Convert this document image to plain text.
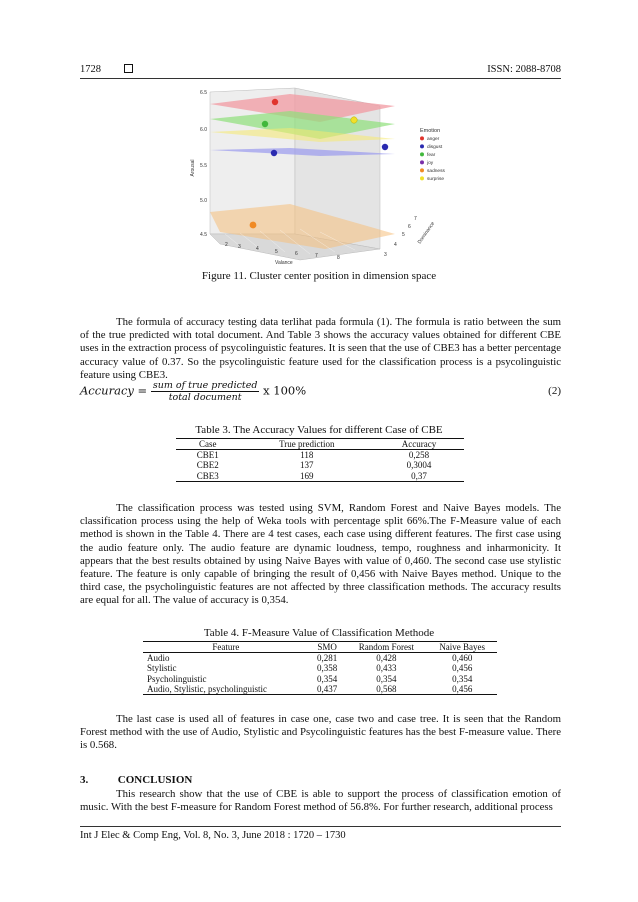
1728	ISSN: 2088-8708
6.5
6.0
5.5
5.0
4.5
Arousal
2 3	4	5	6	7	8
Valance
3
4
5
6
7
Dominance
Emotion
anger
disgust
fear
joy
sadness
surprise
Figure 11. Cluster center position in dimension space

The formula of accuracy testing data terlihat pada formula (1). The formula is ratio between the sum of the true predicted with total document. And Table 3 shows the accuracy values obtained for different CBE uses in the extraction process of psycolinguistic features. It is seen that the use of CBE3 has a better percentage accuracy value of 0.37. So the psycolinguistic feature used for the classification process is a psycolinguistic feature using CBE3.

Accuracy = $\frac{\text{sum of true predicted}}{\text{total document}}$ x 100%	(2)
Table 3. The Accuracy Values for different Case of CBE
Case	True prediction	Accuracy
CBE1	118	0,258
CBE2	137	0,3004
CBE3	169	0,37

The classification process was tested using SVM, Random Forest and Naive Bayes models. The classification process using the help of Weka tools with percentage split 66%.The F-Measure value of each method is shown in the Table 4. There are 4 test cases, each case using different features. The first case using the audio feature only. The audio feature are dynamic loudness, tempo, roughness and inharmonicity. It appears that the best results obtained by using Naive Bayes with value of 0,460. The second case use stylistic feature. The feature is only capable of bringing the result of 0,456 with Naive Bayes method. Unique to the third case, the psycholinguistic features are not affected by three classification methods. The accuracy results are equal for all. The value of accuracy is 0,354.

Table 4. F-Measure Value of Classification Methode
Feature	SMO	Random Forest	Naive Bayes
Audio	0,281	0,428	0,460
Stylistic	0,358	0,433	0,456
Psycholinguistic	0,354	0,354	0,354
Audio, Stylistic, psycholinguistic	0,437	0,568	0,456

The last case is used all of features in case one, case two and case tree. It is seen that the Random Forest method with the use of Audio, Stylistic and Psycolinguistic features has the best F-measure value. There is 0.568.

3.	CONCLUSION

This research show that the use of CBE is able to support the process of classification emotion of music. With the best F-measure for Random Forest method of 56.8%. For further research, additional process

Int J Elec & Comp Eng, Vol. 8, No. 3, June 2018 : 1720 – 1730
